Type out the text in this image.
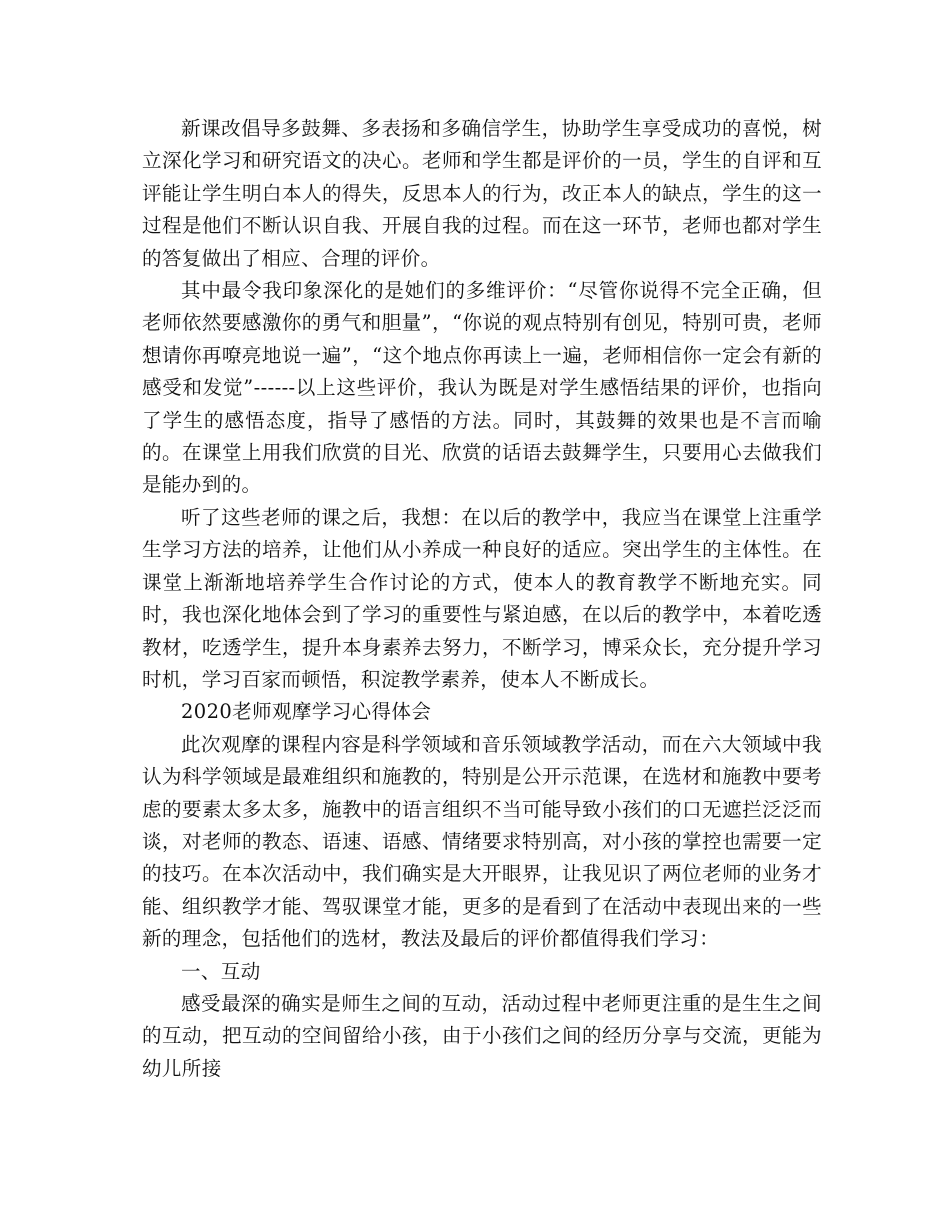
新课改倡导多鼓舞、多表扬和多确信学生，协助学生享受成功的喜悦，树立深化学习和研究语文的决心。老师和学生都是评价的一员，学生的自评和互评能让学生明白本人的得失，反思本人的行为，改正本人的缺点，学生的这一过程是他们不断认识自我、开展自我的过程。而在这一环节，老师也都对学生的答复做出了相应、合理的评价。

其中最令我印象深化的是她们的多维评价：“尽管你说得不完全正确，但老师依然要感激你的勇气和胆量”，“你说的观点特别有创见，特别可贵，老师想请你再嘹亮地说一遍”，“这个地点你再读上一遍，老师相信你一定会有新的感受和发觉”------以上这些评价，我认为既是对学生感悟结果的评价，也指向了学生的感悟态度，指导了感悟的方法。同时，其鼓舞的效果也是不言而喻的。在课堂上用我们欣赏的目光、欣赏的话语去鼓舞学生，只要用心去做我们是能办到的。

听了这些老师的课之后，我想：在以后的教学中，我应当在课堂上注重学生学习方法的培养，让他们从小养成一种良好的适应。突出学生的主体性。在课堂上渐渐地培养学生合作讨论的方式，使本人的教育教学不断地充实。同时，我也深化地体会到了学习的重要性与紧迫感，在以后的教学中，本着吃透教材，吃透学生，提升本身素养去努力，不断学习，博采众长，充分提升学习时机，学习百家而顿悟，积淀教学素养，使本人不断成长。

2020老师观摩学习心得体会

此次观摩的课程内容是科学领域和音乐领域教学活动，而在六大领域中我认为科学领域是最难组织和施教的，特别是公开示范课，在选材和施教中要考虑的要素太多太多，施教中的语言组织不当可能导致小孩们的口无遮拦泛泛而谈，对老师的教态、语速、语感、情绪要求特别高，对小孩的掌控也需要一定的技巧。在本次活动中，我们确实是大开眼界，让我见识了两位老师的业务才能、组织教学才能、驾驭课堂才能，更多的是看到了在活动中表现出来的一些新的理念，包括他们的选材，教法及最后的评价都值得我们学习：

一、互动

感受最深的确实是师生之间的互动，活动过程中老师更注重的是生生之间的互动，把互动的空间留给小孩，由于小孩们之间的经历分享与交流，更能为幼儿所接
